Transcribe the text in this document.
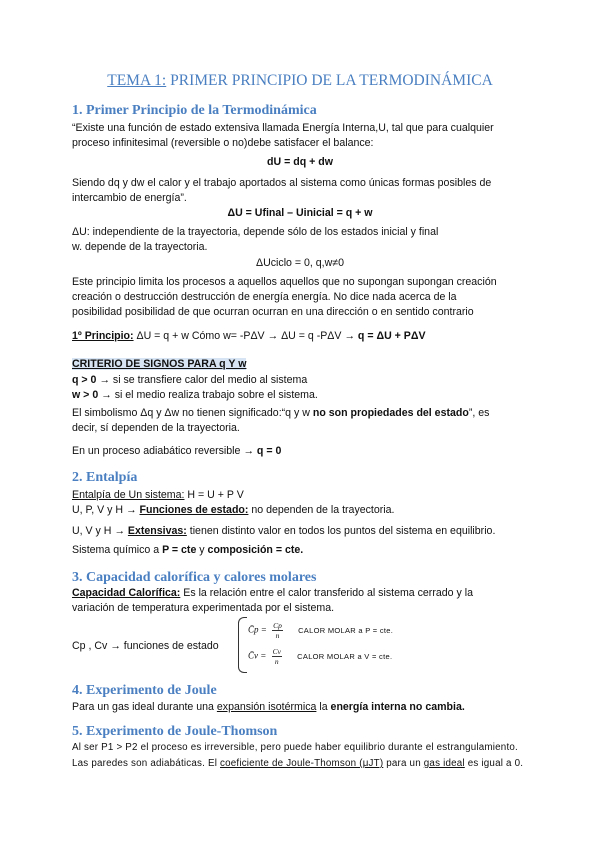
TEMA 1: PRIMER PRINCIPIO DE LA TERMODINÁMICA
1. Primer Principio de la Termodinámica
“Existe una función de estado extensiva llamada Energía Interna,U, tal que para cualquier
proceso infinitesimal (reversible o no)debe satisfacer el balance:
dU = dq + dw
Siendo dq y dw el calor y el trabajo aportados al sistema como únicas formas posibles de
intercambio de energía”.
ΔU = Ufinal – Uinicial = q + w
ΔU: independiente de la trayectoria, depende sólo de los estados inicial y final
w. depende de la trayectoria.
ΔUciclo = 0, q,w≠0
Este principio limita los procesos a aquellos aquellos que no supongan supongan creación
creación o destrucción destrucción de energía energía. No dice nada acerca de la
posibilidad posibilidad de que ocurran ocurran en una dirección o en sentido contrario
1º Principio: ΔU = q + w Cómo w= -PΔV → ΔU = q -PΔV → q = ΔU + PΔV
CRITERIO DE SIGNOS PARA q Y w
q > 0 → si se transfiere calor del medio al sistema
w > 0 → si el medio realiza trabajo sobre el sistema.
El simbolismo Δq y Δw no tienen significado:“q y w no son propiedades del estado”, es
decir, sí dependen de la trayectoria.
En un proceso adiabático reversible → q = 0
2. Entalpía
Entalpía de Un sistema: H = U + P V
U, P, V y H → Funciones de estado: no dependen de la trayectoria.
U, V y H → Extensivas: tienen distinto valor en todos los puntos del sistema en equilibrio.
Sistema químico a P = cte y composición = cte.
3. Capacidad calorífica y calores molares
Capacidad Calorífica: Es la relación entre el calor transferido al sistema cerrado y la
variación de temperatura experimentada por el sistema.
Cp , Cv → funciones de estado
C̄p = $\frac{Cp}{n}$ CALOR MOLAR a P = cte.
C̄v = $\frac{Cv}{n}$ CALOR MOLAR a V = cte.
4. Experimento de Joule
Para un gas ideal durante una expansión isotérmica la energía interna no cambia.
5. Experimento de Joule-Thomson
Al ser P1 > P2 el proceso es irreversible, pero puede haber equilibrio durante el estrangulamiento.
Las paredes son adiabáticas. El coeficiente de Joule-Thomson (μJT) para un gas ideal es igual a 0.
